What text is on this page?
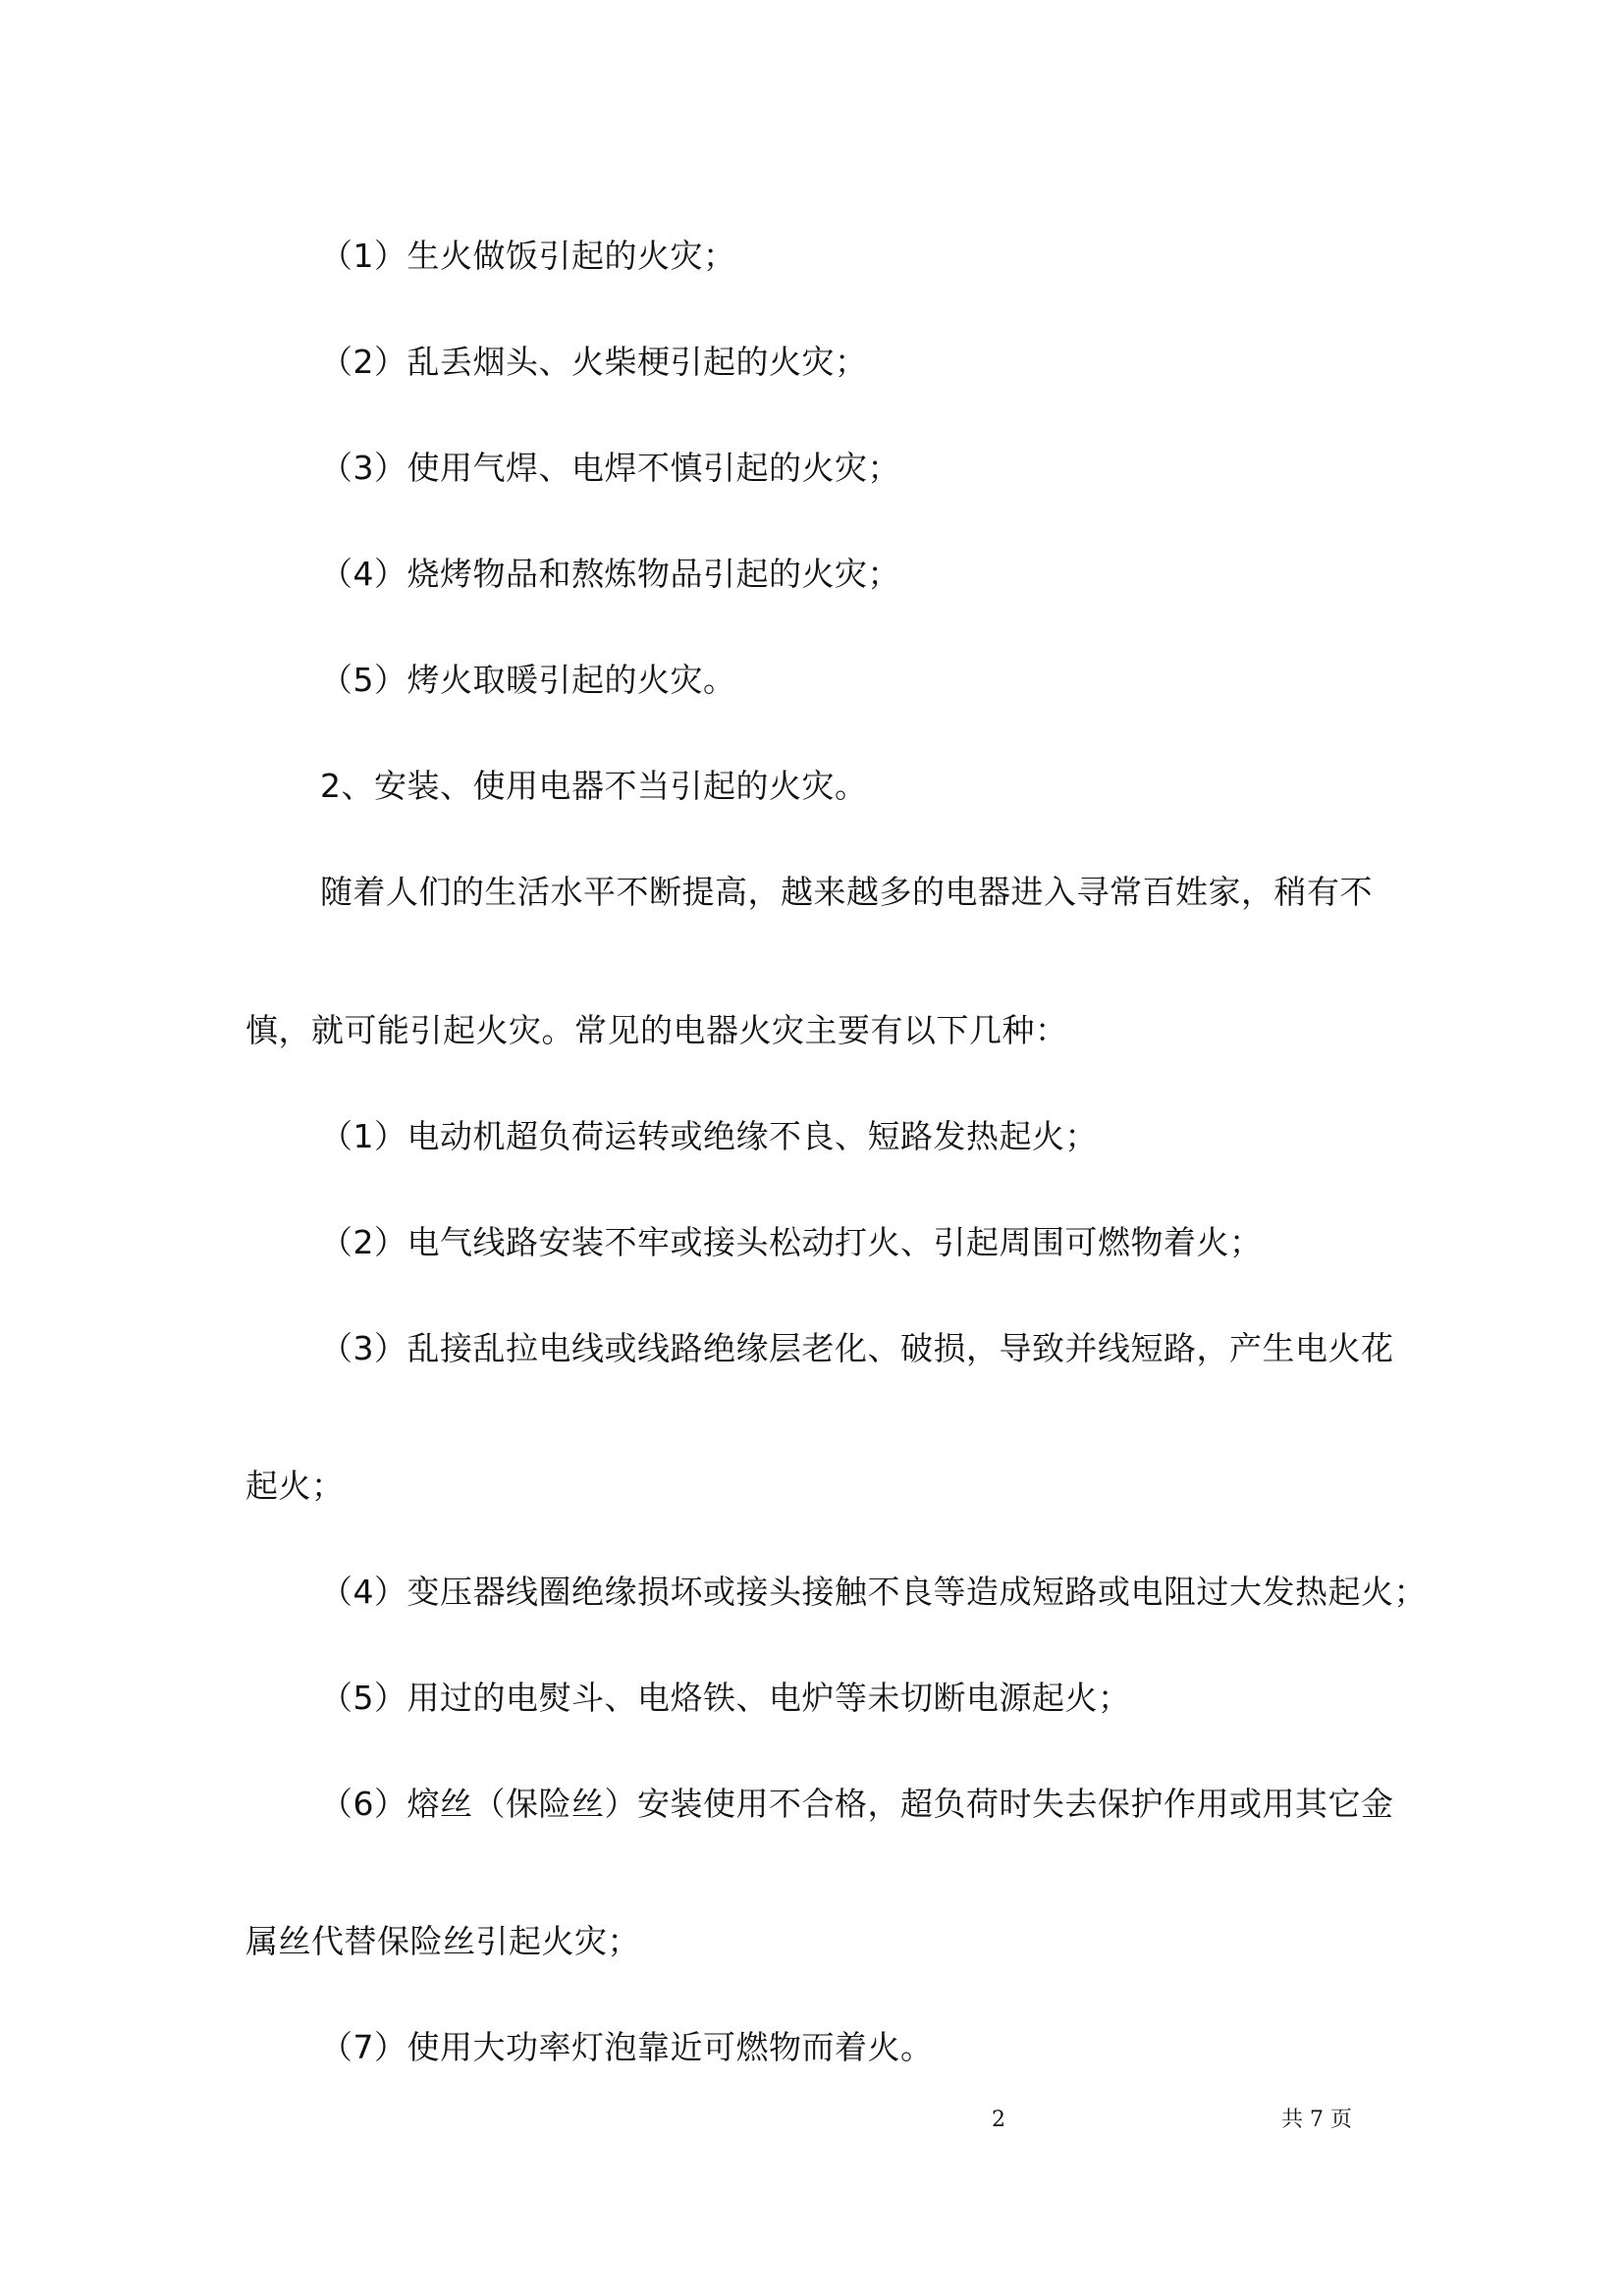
（1）生火做饭引起的火灾；
（2）乱丢烟头、火柴梗引起的火灾；
（3）使用气焊、电焊不慎引起的火灾；
（4）烧烤物品和熬炼物品引起的火灾；
（5）烤火取暖引起的火灾。
2、安装、使用电器不当引起的火灾。
随着人们的生活水平不断提高，越来越多的电器进入寻常百姓家，稍有不
慎，就可能引起火灾。常见的电器火灾主要有以下几种：
（1）电动机超负荷运转或绝缘不良、短路发热起火；
（2）电气线路安装不牢或接头松动打火、引起周围可燃物着火；
（3）乱接乱拉电线或线路绝缘层老化、破损，导致并线短路，产生电火花
起火；
（4）变压器线圈绝缘损坏或接头接触不良等造成短路或电阻过大发热起火；
（5）用过的电熨斗、电烙铁、电炉等未切断电源起火；
（6）熔丝（保险丝）安装使用不合格，超负荷时失去保护作用或用其它金
属丝代替保险丝引起火灾；
（7）使用大功率灯泡靠近可燃物而着火。
2	共 7 页
